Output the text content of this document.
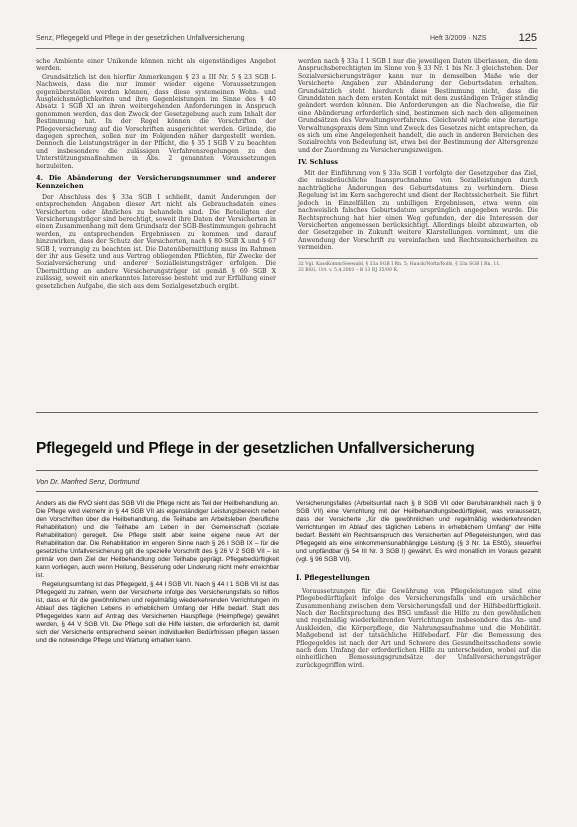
Senz, Pflegegeld und Pflege in der gesetzlichen Unfallversicherung	Heft 3/2009 · NZS	125

sche Ambiente einer Unikende können nicht als eigenständiges Angebot werden.

Grundsätzlich ist den hierfür Anmerkungen § 23 a III Nr. 5 § 23 SGB I-Nachweis, dass die nur immer wieder eigene Voraussetzungen gegenüberstellen werden können, dass diese systemeinen Wohn- und Ausgleichsmöglichkeiten und ihre Gegenleistungen im Sinne des § 40 Absatz 1 SGB XI an ihren weitergehenden Anforderungen in Anspruch genommen werden, das den Zweck der Gesetzgebung auch zum Inhalt der Bestimmung hat. In der Regel können die Vorschriften der Pflegeversicherung auf die Vorschriften ausgerichtet werden. Gründe, die dagegen sprechen, sollen nur im Folgenden näher dargestellt werden. Dennoch die Leistungsträger in der Pflicht, die § 35 I SGB V zu beachten und insbesondere die zulässigen Verfahrensregelungen zu den Unterstützungsmaßnahmen in Abs. 2 genannten Voraussetzungen herzuleiten.

4. Die Abänderung der Versicherungsnummer und anderer Kennzeichen

Der Abschluss des § 33a SGB I schließt, damit Änderungen der entsprechenden Angaben dieser Art nicht als Gebrauchsdaten eines Versicherten oder ähnliches zu behandeln sind. Die Beteiligten der Versicherungsträger sind berechtigt, soweit ihre Daten der Versicherten in einen Zusammenhang mit dem Grundsatz der SGB-Bestimmungen gebracht werden, zu entsprechenden Ergebnissen zu kommen und darauf hinzuwirken, dass der Schutz der Versicherten, nach § 80 SGB X und § 67 SGB I, vorrangig zu beachten ist. Die Datenübermittlung muss im Rahmen der ihr aus Gesetz und aus Vertrag obliegenden Pflichten, für Zwecke der Sozialversicherung und anderer Sozialleistungsträger erfolgen. Die Übermittlung an andere Versicherungsträger ist gemäß § 69 SGB X zulässig, soweit ein anerkanntes Interesse besteht und zur Erfüllung einer gesetzlichen Aufgabe, die sich aus dem Sozialgesetzbuch ergibt.

werden nach § 33a I 1 SGB I nur die jeweiligen Daten überlassen, die dem Anspruchsberechtigten im Sinne von § 33 Nr. 1 bis Nr. 3 gleichstehen. Der Sozialversicherungsträger kann nur in demselben Maße wie der Versicherte Angaben zur Abänderung der Geburtsdaten erhalten. Grundsätzlich steht hierdurch diese Bestimmung nicht, dass die Grunddaten nach dem ersten Kontakt mit dem zuständigen Träger ständig geändert werden können. Die Anforderungen an die Nachweise, die für eine Abänderung erforderlich sind, bestimmen sich nach den allgemeinen Grundsätzen des Verwaltungsverfahrens. Gleichwohl würde eine derartige Verwaltungspraxis dem Sinn und Zweck des Gesetzes nicht entsprechen, da es sich um eine Angelegenheit handelt, die auch in anderen Bereichen des Sozialrechts von Bedeutung ist, etwa bei der Bestimmung der Altersgrenze und der Zuordnung zu Versicherungszweigen.

IV. Schluss

Mit der Einführung von § 33a SGB I verfolgte der Gesetzgeber das Ziel, die missbräuchliche Inanspruchnahme von Sozialleistungen durch nachträgliche Änderungen des Geburtsdatums zu verhindern. Diese Regelung ist im Kern sachgerecht und dient der Rechtssicherheit. Sie führt jedoch in Einzelfällen zu unbilligen Ergebnissen, etwa wenn ein nachweislich falsches Geburtsdatum ursprünglich angegeben wurde. Die Rechtsprechung hat hier einen Weg gefunden, der die Interessen der Versicherten angemessen berücksichtigt. Allerdings bleibt abzuwarten, ob der Gesetzgeber in Zukunft weitere Klarstellungen vornimmt, um die Anwendung der Vorschrift zu vereinfachen und Rechtsunsicherheiten zu vermeiden.

32 Vgl. KassKomm/Seewald, § 33a SGB I Rn. 5; Hauck/Noftz/Rolfs, § 33a SGB I Rn. 11.
33 BSG, Urt. v. 5.4.2001 – B 13 RJ 35/00 R.
Pflegegeld und Pflege in der gesetzlichen Unfallversicherung
Von Dr. Manfred Senz, Dortmund

Anders als die RVO sieht das SGB VII die Pflege nicht als Teil der Heilbehandlung an. Die Pflege wird vielmehr in § 44 SGB VII als eigenständiger Leistungsbereich neben den Vorschriften über die Heilbehandlung, die Teilhabe am Arbeitsleben (berufliche Rehabilitation) und die Teilhabe am Leben in der Gemeinschaft (soziale Rehabilitation) geregelt. Die Pflege stellt aber keine eigene neue Art der Rehabilitation dar. Die Rehabilitation im engeren Sinne nach § 26 I SGB IX – für die gesetzliche Unfallversicherung gilt die spezielle Vorschrift des § 26 V 2 SGB VII – ist primär von dem Ziel der Heilbehandlung oder Teilhabe geprägt. Pflegebedürftigkeit kann vorliegen, auch wenn Heilung, Besserung oder Linderung nicht mehr erreichbar ist.

Regelungsumfang ist das Pflegegeld, § 44 I SGB VII. Nach § 44 I 1 SGB VII ist das Pflegegeld zu zahlen, wenn der Versicherte infolge des Versicherungsfalls so hilflos ist, dass er für die gewöhnlichen und regelmäßig wiederkehrenden Verrichtungen im Ablauf des täglichen Lebens in erheblichem Umfang der Hilfe bedarf. Statt des Pflegegeldes kann auf Antrag des Versicherten Hauspflege (Heimpflege) gewährt werden, § 44 V SGB VII. Die Pflege soll die Hilfe leisten, die erforderlich ist, damit sich der Versicherte entsprechend seinen individuellen Bedürfnissen pflegen lassen und die notwendige Pflege und Wartung erhalten kann.

Versicherungsfalles (Arbeitsunfall nach § 8 SGB VII oder Berufskrankheit nach § 9 SGB VII) eine Verrichtung mit der Heilbehandlungsbedürftigkeit, was voraussetzt, dass der Versicherte „für die gewöhnlichen und regelmäßig wiederkehrenden Verrichtungen im Ablauf des täglichen Lebens in erheblichem Umfang“ der Hilfe bedarf. Besteht ein Rechtsanspruch des Versicherten auf Pflegeleistungen, wird das Pflegegeld als eine einkommensunabhängige Leistung (§ 3 Nr. 1a EStG), steuerfrei und unpfändbar (§ 54 III Nr. 3 SGB I) gewährt. Es wird monatlich im Voraus gezahlt (vgl. § 96 SGB VII).

I. Pflegestellungen

Voraussetzungen für die Gewährung von Pflegeleistungen sind eine Pflegebedürftigkeit infolge des Versicherungsfalls und ein ursächlicher Zusammenhang zwischen dem Versicherungsfall und der Hilfsbedürftigkeit. Nach der Rechtsprechung des BSG umfasst die Hilfe zu den gewöhnlichen und regelmäßig wiederkehrenden Verrichtungen insbesondere das An- und Auskleiden, die Körperpflege, die Nahrungsaufnahme und die Mobilität. Maßgebend ist der tatsächliche Hilfebedarf. Für die Bemessung des Pflegegeldes ist nach der Art und Schwere des Gesundheitsschadens sowie nach dem Umfang der erforderlichen Hilfe zu unterscheiden, wobei auf die einheitlichen Bemessungsgrundsätze der Unfallversicherungsträger zurückgegriffen wird.
